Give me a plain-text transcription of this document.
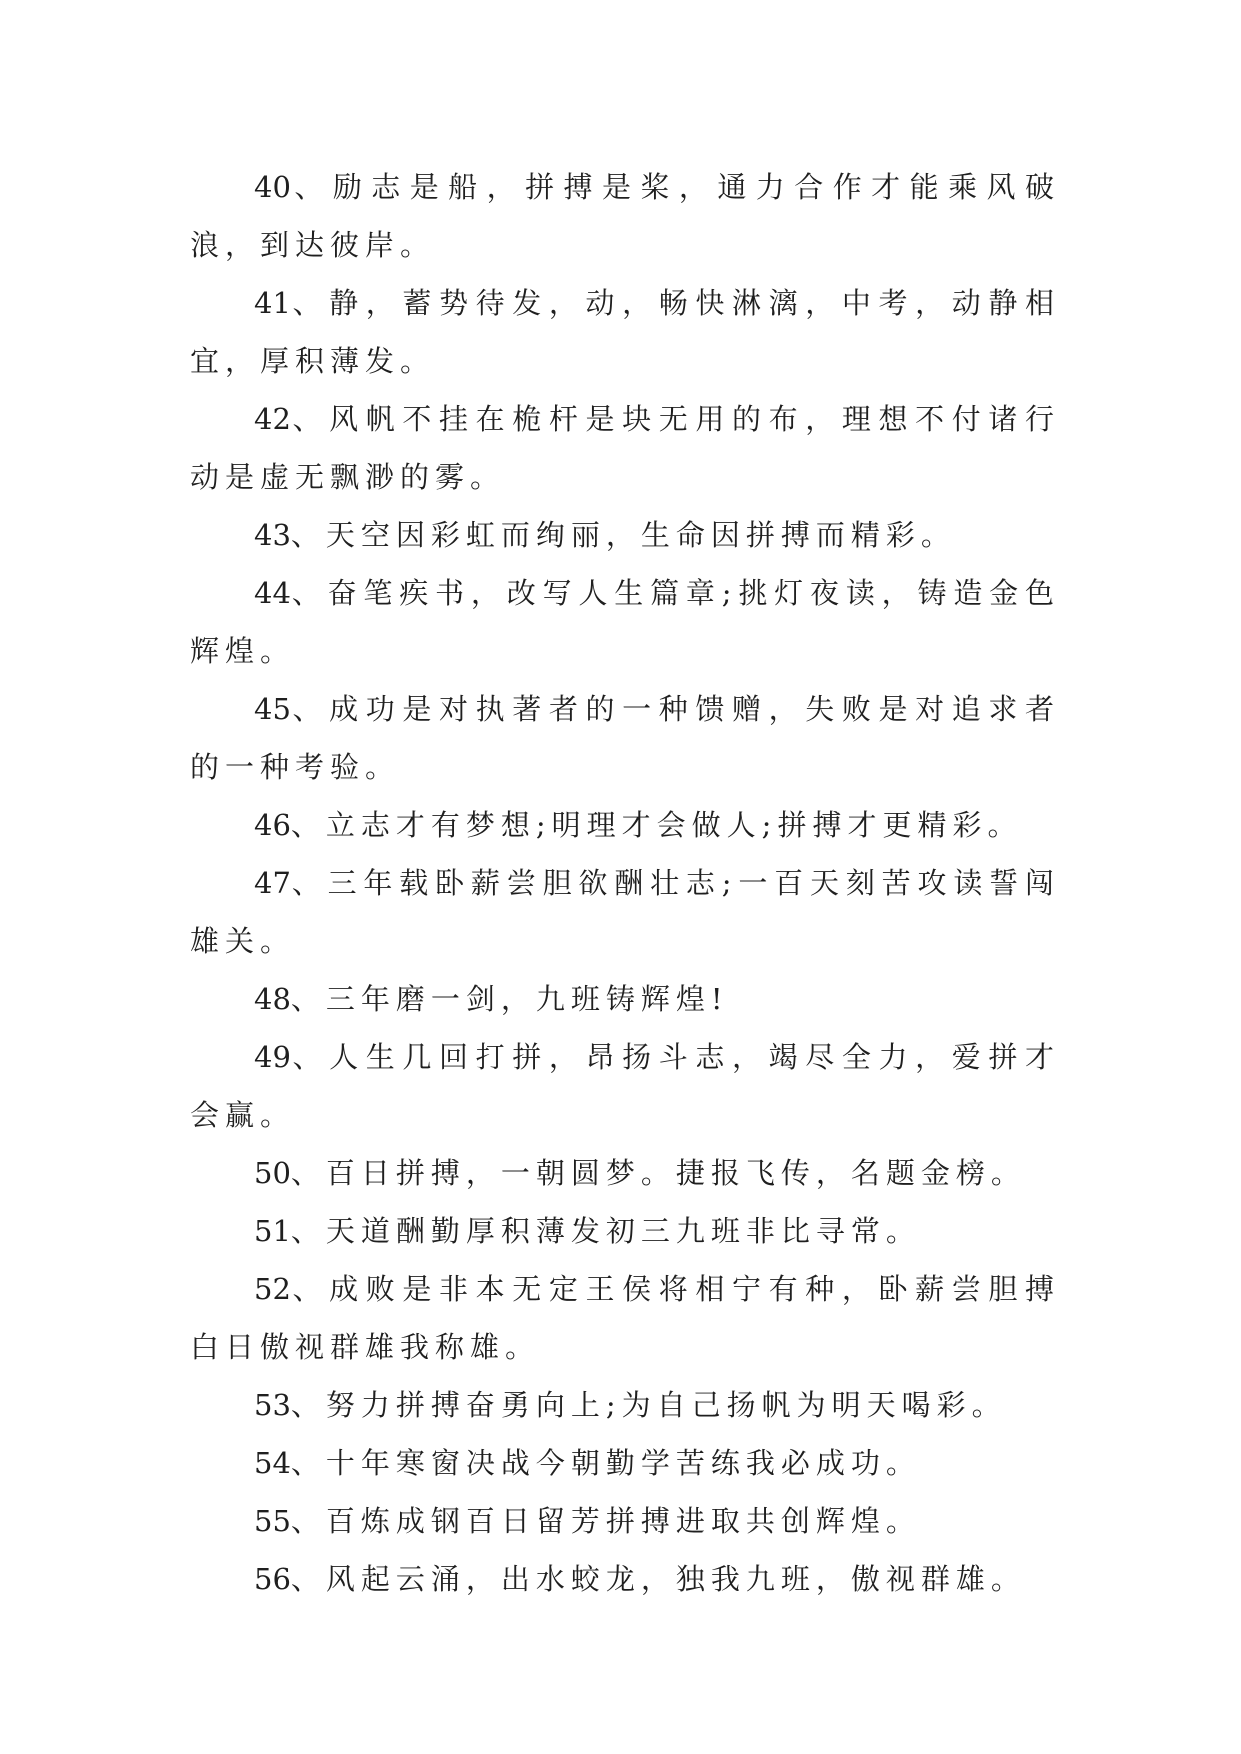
40、励志是船，拼搏是桨，通力合作才能乘风破浪，到达彼岸。

41、静，蓄势待发，动，畅快淋漓，中考，动静相宜，厚积薄发。

42、风帆不挂在桅杆是块无用的布，理想不付诸行动是虚无飘渺的雾。

43、天空因彩虹而绚丽，生命因拼搏而精彩。

44、奋笔疾书，改写人生篇章;挑灯夜读，铸造金色辉煌。

45、成功是对执著者的一种馈赠，失败是对追求者的一种考验。

46、立志才有梦想;明理才会做人;拼搏才更精彩。

47、三年载卧薪尝胆欲酬壮志;一百天刻苦攻读誓闯雄关。

48、三年磨一剑，九班铸辉煌!

49、人生几回打拼，昂扬斗志，竭尽全力，爱拼才会赢。

50、百日拼搏，一朝圆梦。捷报飞传，名题金榜。

51、天道酬勤厚积薄发初三九班非比寻常。

52、成败是非本无定王侯将相宁有种，卧薪尝胆搏白日傲视群雄我称雄。

53、努力拼搏奋勇向上;为自己扬帆为明天喝彩。

54、十年寒窗决战今朝勤学苦练我必成功。

55、百炼成钢百日留芳拼搏进取共创辉煌。

56、风起云涌，出水蛟龙，独我九班，傲视群雄。
